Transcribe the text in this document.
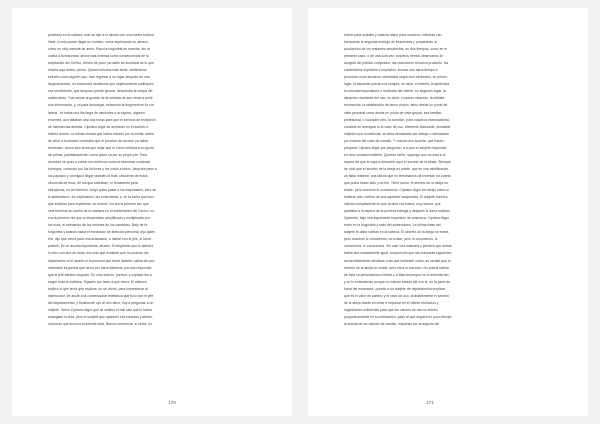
puñetazo en la cabeza, sólo se dijo a sí mismo con una media sonrisa
triste, A esto puede llegar un hombre, verse implorando un abrazo,
como un niño carente de amor. Puso la furgoneta en marcha, dio la
vuelta a la manzana, ahora más extensa como consecuencia de la
ampliación del Centro, Dentro de poco ya nadie se acordará de lo que
existía aquí antes, pensó. Quince minutos más tarde, sintiéndose
extraño como alguien que, tras regresar a un lugar después de una
larga ausencia, no encuentra mudanzas que objetivamente justifiquen
ese sentimiento, que tampoco puede ignorar, descendía la rampa del
subterráneo. Tras avisar al guarda de la entrada de que venía a pedir
una información, y no para descargar, estacionó la furgoneta en la vía
lateral. Ya había una fila larga de camiones a la espera, algunos
enormes, aún faltaban casi dos horas para que el servicio de recepción
de mercancías abriese. Cipriano Algor se acomodó en el asiento e
intentó dormir. La última mirada que había echado por la mirilla, antes
de venir a la ciudad, mostraba que el proceso de cocción ya había
terminado, ahora sólo tenía que dejar que el horno enfriara a su gusto,
sin prisas, paulatinamente, como quien va por su propio pie. Para
dormirse se puso a contar los muñecos como si estuviese contando
borregos, comenzó por los bufones y los contó a todos, después pasó a
los payasos y consiguió llegar también al final, cincuenta de éstos,
cincuenta de ésos, de los que sobraban, el remanente para
estropicios, no se interesó, luego quiso pasar a los esquimales, pero se
le adelantaron, sin explicación, las enfermeras, y, en la lucha que tuvo
que entablar para repelerlas, se durmió. No era la primera vez que
veía terminar su sueño de la mañana en el subterráneo del Centro, no
era la primera vez que lo despertaba, amplificado y multiplicado por
los ecos, el estruendo de los motores de los camiones. Bajó de la
furgoneta y avanzó hacia el mostrador de atención personal, dijo quién
era, dijo que venía para una aclaración, a hablar con el jefe, si fuera
posible, Es un asunto importante, añadió. El empleado que lo atendía
lo miró con aire de duda, era más que evidente que no podrían ser
importantes ni el asunto ni la persona que tenía delante, salida de una
miserable furgoneta que decía por fuera Alfarería, por eso respondió
que el jefe estaba ocupado, En una reunión, precisó, y copiado iba a
seguir toda la mañana, Díjaselo por tanto a qué venía. El alfarero
explicó lo que tenía que explicar, no se olvidó, para impresionar al
interlocutor, de aludir a la conversación telefónica que tuvo con el jefe
del departamento, y finalmente oyó al otro decir, Voy a preguntar a un
subjefe. Temió Cipriano Algor que se saliese el mal rato que le había
amargado la vida, pero el subjefe que apareció era educado y atento,
concordó que era una excelente idea, Buena ocurrencia, sí señor, es
170
bueno para ustedes y todavía mejor para nosotros, mientras van
fabricando la segunda entrega de trescientos y preparando la
producción de los restantes seiscientos, en dos tiempos, como en el
presente caso, o de una sola vez, nosotros iremos observando la
acogida del público comprador, las reacciones al nuevo producto, los
comentarios explícitos e implícitos, incluso nos daría tiempo a
promover unos sondeos, orientados según dos vertientes, en primer
lugar, la situación previa a la compra, es decir, el interés, la apetencia,
la voluntad espontánea o motivada del cliente, en segundo lugar, la
situación resultante del uso, es decir, el placer obtenido, la utilidad
reconocida, la satisfacción del amor propio, tanto desde un punto de
vista personal como desde un punto de vista grupal, sea familiar,
profesional, o cualquier otro, la cuestión, para nosotros esencialísima,
consiste en averiguar si el valor de uso, elemento fluctuante, inestable,
subjetivo por excelencia, se sitúa demasiado por debajo o demasiado
por encima del valor de cambio, Y cuando eso sucede, qué hacen,
preguntó Cipriano Algor por preguntar, a lo que el subjefe respondió
en tono condescendiente, Querido señor, supongo que no está a la
espera de que le vaya a descubrir aquí el secreto de la abeja, Siempre
he oído que el secreto de la abeja no existe, que es una mistificación,
un falso misterio, una fábula que no terminamos de inventar, un cuento
que podía haber sido y no fue, Tiene razón, el secreto de la abeja no
existe, pero nosotros lo conocemos. Cipriano Algor se retrajo como si
hubiese sido víctima de una agresión inesperada. El subjefe sonreía,
insistía complaciente en que la idea era buena, muy buena, que
quedaba a la espera de la primera entrega y después lo daría noticias.
Oprimido, bajo una inquietante impresión de amenaza, Cipriano Algor
entró en la furgoneta y salió del subterráneo. La última frase del
subjefe le daba vueltas en la cabeza, El secreto de la abeja no existe,
pero nosotros lo conocemos, no existe, pero lo conocemos, lo
conocemos, lo conocemos. Vio caer una máscara y percibió que detrás
había otra exactamente igual, comprendió que las máscaras siguientes
serían fatalmente idénticas a las que hubiesen caído, es verdad que el
secreto de la abeja no existe, pero ellos lo conocen. No podría hablar
de esta su perturbación a Marta y a Marcial porque no lo entenderían,
y no lo entenderían porque no habían estado allí con él, en la parte de
fuera del mostrador, oyendo a un subjefe de departamento explicar
qué es el valor de cambio y el valor de uso, probablemente el secreto
de la abeja reside en crear e impulsar en el cliente estímulos y
sugestiones suficientes para que los valores de uso se eleven
progresivamente en su estimación, paso al que seguirá en poco tiempo
la subida de los valores de cambio, impuesta por la argucia del
171
